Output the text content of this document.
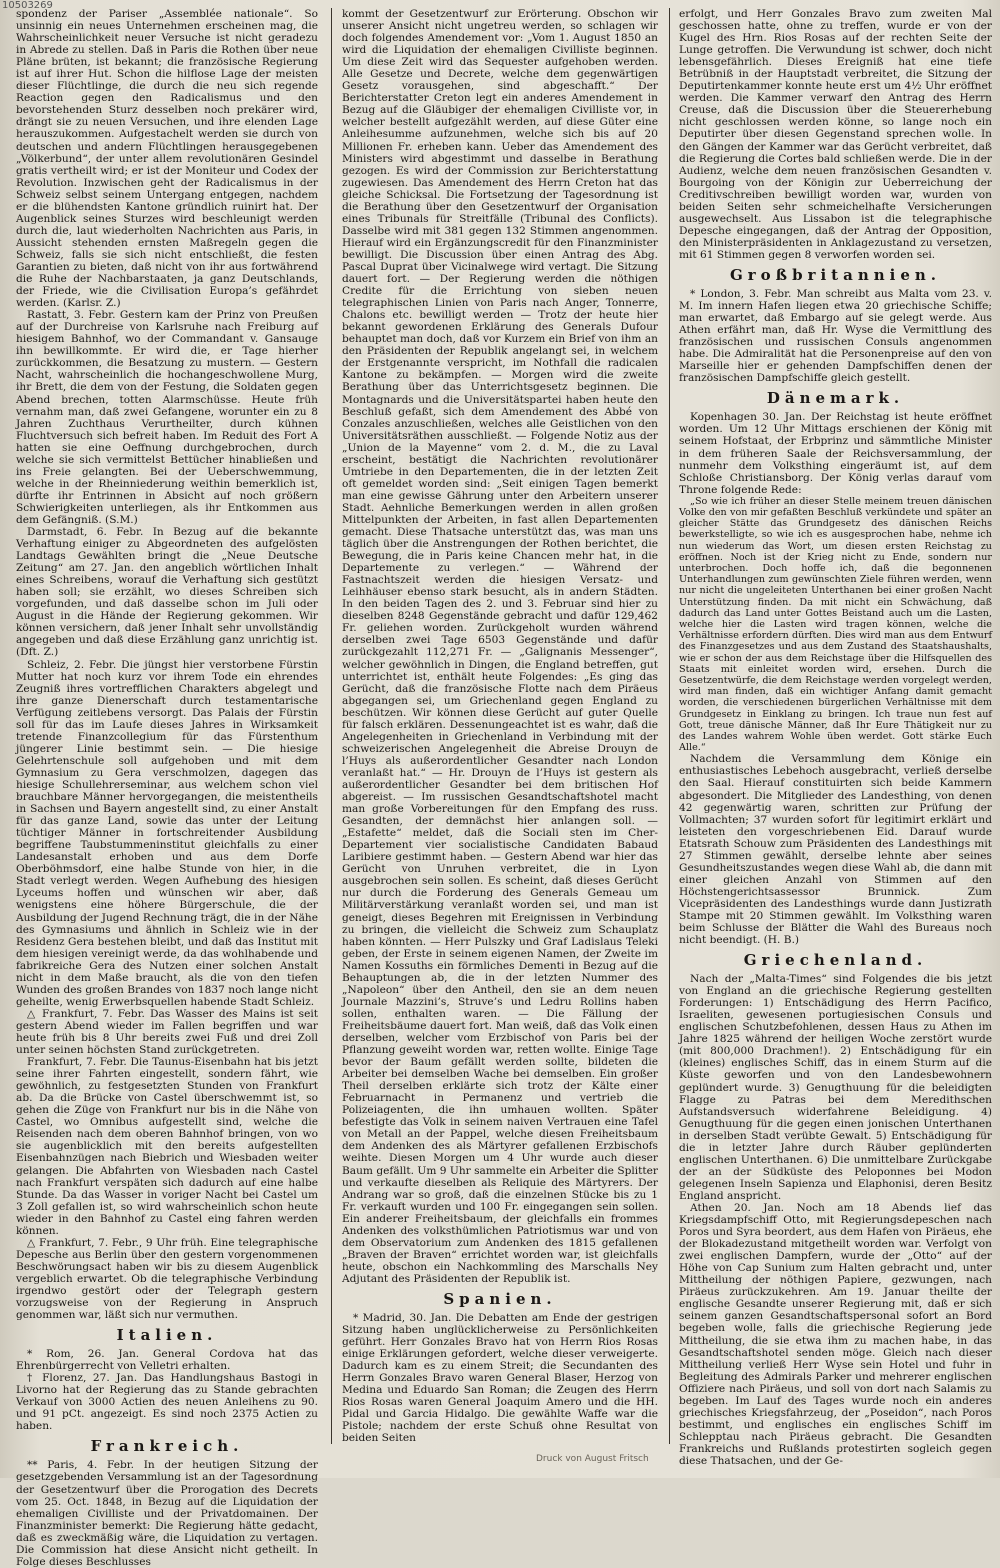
10503269

spondenz der Pariser „Assemblée nationale“. So unsinnig ein neues Unternehmen erscheinen mag, die Wahrscheinlichkeit neuer Versuche ist nicht geradezu in Abrede zu stellen. Daß in Paris die Rothen über neue Pläne brüten, ist bekannt; die französische Regierung ist auf ihrer Hut. Schon die hilflose Lage der meisten dieser Flüchtlinge, die durch die neu sich regende Reaction gegen den Radicalismus und den bevorstehenden Sturz desselben noch prekärer wird, drängt sie zu neuen Versuchen, und ihre elenden Lage herauszukommen. Aufgestachelt werden sie durch von deutschen und andern Flüchtlingen herausgegebenen „Völkerbund“, der unter allem revolutionären Gesindel gratis vertheilt wird; er ist der Moniteur und Codex der Revolution. Inzwischen geht der Radicalismus in der Schweiz selbst seinem Untergang entgegen, nachdem er die blühendsten Kantone gründlich ruinirt hat. Der Augenblick seines Sturzes wird beschleunigt werden durch die, laut wiederholten Nachrichten aus Paris, in Aussicht stehenden ernsten Maßregeln gegen die Schweiz, falls sie sich nicht entschließt, die festen Garantien zu bieten, daß nicht von ihr aus fortwährend die Ruhe der Nachbarstaaten, ja ganz Deutschlands, der Friede, wie die Civilisation Europa’s gefährdet werden. (Karlsr. Z.)

Rastatt, 3. Febr. Gestern kam der Prinz von Preußen auf der Durchreise von Karlsruhe nach Freiburg auf hiesigem Bahnhof, wo der Commandant v. Gansauge ihn bewillkommte. Er wird die, er Tage hierher zurückkommen, die Besatzung zu mustern. — Gestern Nacht, wahrscheinlich die hochangeschwollene Murg, ihr Brett, die dem von der Festung, die Soldaten gegen Abend brechen, totten Alarmschüsse. Heute früh vernahm man, daß zwei Gefangene, worunter ein zu 8 Jahren Zuchthaus Verurtheilter, durch kühnen Fluchtversuch sich befreit haben. Im Reduit des Fort A hatten sie eine Oeffnung durchgebrochen, durch welche sie sich vermittelst Bettücher hinabließen und ins Freie gelangten. Bei der Ueberschwemmung, welche in der Rheinniederung weithin bemerklich ist, dürfte ihr Entrinnen in Absicht auf noch größern Schwierigkeiten unterliegen, als ihr Entkommen aus dem Gefängniß. (S.M.)

Darmstadt, 6. Febr. In Bezug auf die bekannte Verhaftung einiger zu Abgeordneten des aufgelösten Landtags Gewählten bringt die „Neue Deutsche Zeitung“ am 27. Jan. den angeblich wörtlichen Inhalt eines Schreibens, worauf die Verhaftung sich gestützt haben soll; sie erzählt, wo dieses Schreiben sich vorgefunden, und daß dasselbe schon im Juli oder August in die Hände der Regierung gekommen. Wir können versichern, daß jener Inhalt sehr unvollständig angegeben und daß diese Erzählung ganz unrichtig ist. (Dft. Z.)

Schleiz, 2. Febr. Die jüngst hier verstorbene Fürstin Mutter hat noch kurz vor ihrem Tode ein ehrendes Zeugniß ihres vortrefflichen Charakters abgelegt und ihre ganze Dienerschaft durch testamentarische Verfügung zeitlebens versorgt. Das Palais der Fürstin soll für das im Laufe dieses Jahres in Wirksamkeit tretende Finanzcollegium für das Fürstenthum jüngerer Linie bestimmt sein. — Die hiesige Gelehrtenschule soll aufgehoben und mit dem Gymnasium zu Gera verschmolzen, dagegen das hiesige Schullehrerseminar, aus welchem schon viel brauchbare Männer hervorgegangen, die meistentheils in Sachsen und Bayern angestellt sind, zu einer Anstalt für das ganze Land, sowie das unter der Leitung tüchtiger Männer in fortschreitender Ausbildung begriffene Taubstummeninstitut gleichfalls zu einer Landesanstalt erhoben und aus dem Dorfe Oberböhmsdorf, eine halbe Stunde von hier, in die Stadt verlegt werden. Wegen Aufhebung des hiesigen Lyceums hoffen und wünschen wir aber, daß wenigstens eine höhere Bürgerschule, die der Ausbildung der Jugend Rechnung trägt, die in der Nähe des Gymnasiums und ähnlich in Schleiz wie in der Residenz Gera bestehen bleibt, und daß das Institut mit dem hiesigen vereinigt werde, da das wohlhabende und fabrikreiche Gera des Nutzen einer solchen Anstalt nicht in dem Maße braucht, als die von den tiefen Wunden des großen Brandes von 1837 noch lange nicht geheilte, wenig Erwerbsquellen habende Stadt Schleiz.

△ Frankfurt, 7. Febr. Das Wasser des Mains ist seit gestern Abend wieder im Fallen begriffen und war heute früh bis 8 Uhr bereits zwei Fuß und drei Zoll unter seinen höchsten Stand zurückgetreten.

Frankfurt, 7. Febr. Die Taunus-Eisenbahn hat bis jetzt seine ihrer Fahrten eingestellt, sondern fährt, wie gewöhnlich, zu festgesetzten Stunden von Frankfurt ab. Da die Brücke von Castel überschwemmt ist, so gehen die Züge von Frankfurt nur bis in die Nähe von Castel, wo Omnibus aufgestellt sind, welche die Reisenden nach dem oberen Bahnhof bringen, von wo sie augenblicklich mit den bereits aufgestellten Eisenbahnzügen nach Biebrich und Wiesbaden weiter gelangen. Die Abfahrten von Wiesbaden nach Castel nach Frankfurt verspäten sich dadurch auf eine halbe Stunde. Da das Wasser in voriger Nacht bei Castel um 3 Zoll gefallen ist, so wird wahrscheinlich schon heute wieder in den Bahnhof zu Castel eing fahren werden können.

△ Frankfurt, 7. Febr., 9 Uhr früh. Eine telegraphische Depesche aus Berlin über den gestern vorgenommenen Beschwörungsact haben wir bis zu diesem Augenblick vergeblich erwartet. Ob die telegraphische Verbindung irgendwo gestört oder der Telegraph gestern vorzugsweise von der Regierung in Anspruch genommen war, läßt sich nur vermuthen.

Italien.

* Rom, 26. Jan. General Cordova hat das Ehrenbürgerrecht von Velletri erhalten.

† Florenz, 27. Jan. Das Handlungshaus Bastogi in Livorno hat der Regierung das zu Stande gebrachten Verkauf von 3000 Actien des neuen Anleihens zu 90. und 91 pCt. angezeigt. Es sind noch 2375 Actien zu haben.

Frankreich.

** Paris, 4. Febr. In der heutigen Sitzung der gesetzgebenden Versammlung ist an der Tagesordnung der Gesetzentwurf über die Prorogation des Decrets vom 25. Oct. 1848, in Bezug auf die Liquidation der ehemaligen Civilliste und der Privatdomainen. Der Finanzminister bemerkt: Die Regierung hätte gedacht, daß es zweckmäßig wäre, die Liquidation zu vertagen. Die Commission hat diese Ansicht nicht getheilt. In Folge dieses Beschlusses

kommt der Gesetzentwurf zur Erörterung. Obschon wir unserer Ansicht nicht ungetreu werden, so schlagen wir doch folgendes Amendement vor: „Vom 1. August 1850 an wird die Liquidation der ehemaligen Civilliste beginnen. Um diese Zeit wird das Sequester aufgehoben werden. Alle Gesetze und Decrete, welche dem gegenwärtigen Gesetz vorausgehen, sind abgeschafft.“ Der Berichterstatter Creton legt ein anderes Amendement in Bezug auf die Gläubiger der ehemaligen Civilliste vor, in welcher bestellt aufgezählt werden, auf diese Güter eine Anleihesumme aufzunehmen, welche sich bis auf 20 Millionen Fr. erheben kann. Ueber das Amendement des Ministers wird abgestimmt und dasselbe in Berathung gezogen. Es wird der Commission zur Berichterstattung zugewiesen. Das Amendement des Herrn Creton hat das gleiche Schicksal. Die Fortsetzung der Tagesordnung ist die Berathung über den Gesetzentwurf der Organisation eines Tribunals für Streitfälle (Tribunal des Conflicts). Dasselbe wird mit 381 gegen 132 Stimmen angenommen. Hierauf wird ein Ergänzungscredit für den Finanzminister bewilligt. Die Discussion über einen Antrag des Abg. Pascal Duprat über Vicinalwege wird vertagt. Die Sitzung dauert fort. — Der Regierung werden die nöthigen Credite für die Errichtung von sieben neuen telegraphischen Linien von Paris nach Anger, Tonnerre, Chalons etc. bewilligt werden — Trotz der heute hier bekannt gewordenen Erklärung des Generals Dufour behauptet man doch, daß vor Kurzem ein Brief von ihm an den Präsidenten der Republik angelangt sei, in welchem der Erstgenannte verspricht, im Nothfall die radicalen Kantone zu bekämpfen. — Morgen wird die zweite Berathung über das Unterrichtsgesetz beginnen. Die Montagnards und die Universitätspartei haben heute den Beschluß gefaßt, sich dem Amendement des Abbé von Conzales anzuschließen, welches alle Geistlichen von den Universitätsräthen ausschließt. — Folgende Notiz aus der „Union de la Mayenne“ vom 2. d. M., die zu Laval erscheint, bestätigt die Nachrichten revolutionärer Umtriebe in den Departementen, die in der letzten Zeit oft gemeldet worden sind: „Seit einigen Tagen bemerkt man eine gewisse Gährung unter den Arbeitern unserer Stadt. Aehnliche Bemerkungen werden in allen großen Mittelpunkten der Arbeiten, in fast allen Departementen gemacht. Diese Thatsache unterstützt das, was man uns täglich über die Anstrengungen der Rothen berichtet, die Bewegung, die in Paris keine Chancen mehr hat, in die Departemente zu verlegen.“ — Während der Fastnachtszeit werden die hiesigen Versatz- und Leihhäuser ebenso stark besucht, als in andern Städten. In den beiden Tagen des 2. und 3. Februar sind hier zu dieselben 8248 Gegenstände gebracht und dafür 129,462 Fr. geliehen worden. Zurückgeholt wurden während derselben zwei Tage 6503 Gegenstände und dafür zurückgezahlt 112,271 Fr. — „Galignanis Messenger“, welcher gewöhnlich in Dingen, die England betreffen, gut unterrichtet ist, enthält heute Folgendes: „Es ging das Gerücht, daß die französische Flotte nach dem Piräeus abgegangen sei, um Griechenland gegen England zu beschützen. Wir können diese Gerücht auf guter Quelle für falsch erklären. Dessenungeachtet ist es wahr, daß die Angelegenheiten in Griechenland in Verbindung mit der schweizerischen Angelegenheit die Abreise Drouyn de l’Huys als außerordentlicher Gesandter nach London veranlaßt hat.“ — Hr. Drouyn de l’Huys ist gestern als außerordentlicher Gesandter bei dem britischen Hof abgereist. — Im russischen Gesandtschaftshotel macht man große Vorbereitungen für den Empfang des russ. Gesandten, der demnächst hier anlangen soll. — „Estafette“ meldet, daß die Sociali sten im Cher-Departement vier socialistische Candidaten Babaud Laribiere gestimmt haben. — Gestern Abend war hier das Gerücht von Unruhen verbreitet, die in Lyon ausgebrochen sein sollen. Es scheint, daß dieses Gerücht nur durch die Forderung des Generals Gemeau um Militärverstärkung veranlaßt worden sei, und man ist geneigt, dieses Begehren mit Ereignissen in Verbindung zu bringen, die vielleicht die Schweiz zum Schauplatz haben könnten. — Herr Pulszky und Graf Ladislaus Teleki geben, der Erste in seinem eigenen Namen, der Zweite im Namen Kossuths ein förmliches Dementi in Bezug auf die Behauptungen ab, die in der letzten Nummer des „Napoleon“ über den Antheil, den sie an dem neuen Journale Mazzini’s, Struve’s und Ledru Rollins haben sollen, enthalten waren. — Die Fällung der Freiheitsbäume dauert fort. Man weiß, daß das Volk einen derselben, welcher vom Erzbischof von Paris bei der Pflanzung geweiht worden war, retten wollte. Einige Tage bevor der Baum gefällt werden sollte, bildeten die Arbeiter bei demselben Wache bei demselben. Ein großer Theil derselben erklärte sich trotz der Kälte einer Februarnacht in Permanenz und vertrieb die Polizeiagenten, die ihn umhauen wollten. Später befestigte das Volk in seinem naiven Vertrauen eine Tafel von Metall an der Pappel, welche diesen Freiheitsbaum dem Andenken des als Märtyrer gefallenen Erzbischofs weihte. Diesen Morgen um 4 Uhr wurde auch dieser Baum gefällt. Um 9 Uhr sammelte ein Arbeiter die Splitter und verkaufte dieselben als Reliquie des Märtyrers. Der Andrang war so groß, daß die einzelnen Stücke bis zu 1 Fr. verkauft wurden und 100 Fr. eingegangen sein sollen. Ein anderer Freiheitsbaum, der gleichfalls ein frommes Andenken des volksthümlichen Patriotismus war und von dem Observatorium zum Andenken des 1815 gefallenen „Braven der Braven“ errichtet worden war, ist gleichfalls heute, obschon ein Nachkommling des Marschalls Ney Adjutant des Präsidenten der Republik ist.

Spanien.

* Madrid, 30. Jan. Die Debatten am Ende der gestrigen Sitzung haben unglücklicherweise zu Persönlichkeiten geführt. Herr Gonzales Bravo hat von Herrn Rios Rosas einige Erklärungen gefordert, welche dieser verweigerte. Dadurch kam es zu einem Streit; die Secundanten des Herrn Gonzales Bravo waren General Blaser, Herzog von Medina und Eduardo San Roman; die Zeugen des Herrn Rios Rosas waren General Joaquim Amero und die HH. Pidal und Garcia Hidalgo. Die gewählte Waffe war die Pistole; nachdem der erste Schuß ohne Resultat von beiden Seiten

erfolgt, und Herr Gonzales Bravo zum zweiten Mal geschossen hatte, ohne zu treffen, wurde er von der Kugel des Hrn. Rios Rosas auf der rechten Seite der Lunge getroffen. Die Verwundung ist schwer, doch nicht lebensgefährlich. Dieses Ereigniß hat eine tiefe Betrübniß in der Hauptstadt verbreitet, die Sitzung der Deputirtenkammer konnte heute erst um 4½ Uhr eröffnet werden. Die Kammer verwarf den Antrag des Herrn Creuse, daß die Discussion über die Steuererhebung nicht geschlossen werden könne, so lange noch ein Deputirter über diesen Gegenstand sprechen wolle. In den Gängen der Kammer war das Gerücht verbreitet, daß die Regierung die Cortes bald schließen werde. Die in der Audienz, welche dem neuen französischen Gesandten v. Bourgoing von der Königin zur Ueberreichung der Creditivschreiben bewilligt worden war, wurden von beiden Seiten sehr schmeichelhafte Versicherungen ausgewechselt. Aus Lissabon ist die telegraphische Depesche eingegangen, daß der Antrag der Opposition, den Ministerpräsidenten in Anklagezustand zu versetzen, mit 61 Stimmen gegen 8 verworfen worden sei.

Großbritannien.

* London, 3. Febr. Man schreibt aus Malta vom 23. v. M. Im innern Hafen liegen etwa 20 griechische Schiffe; man erwartet, daß Embargo auf sie gelegt werde. Aus Athen erfährt man, daß Hr. Wyse die Vermittlung des französischen und russischen Consuls angenommen habe. Die Admiralität hat die Personenpreise auf den von Marseille hier er gehenden Dampfschiffen denen der französischen Dampfschiffe gleich gestellt.

Dänemark.

Kopenhagen 30. Jan. Der Reichstag ist heute eröffnet worden. Um 12 Uhr Mittags erschienen der König mit seinem Hofstaat, der Erbprinz und sämmtliche Minister in dem früheren Saale der Reichsversammlung, der nunmehr dem Volksthing eingeräumt ist, auf dem Schloße Christiansborg. Der König verlas darauf vom Throne folgende Rede:

„So wie ich früher an dieser Stelle meinem treuen dänischen Volke den von mir gefaßten Beschluß verkündete und später an gleicher Stätte das Grundgesetz des dänischen Reichs bewerkstelligte, so wie ich es ausgesprochen habe, nehme ich nun wiederum das Wort, um diesen ersten Reichstag zu eröffnen. Noch ist der Krieg nicht zu Ende, sondern nur unterbrochen. Doch hoffe ich, daß die begonnenen Unterhandlungen zum gewünschten Ziele führen werden, wenn nur nicht die ungeleiteten Unterthanen bei einer großen Nacht Unterstützung finden. Da mit nicht ein Schwächung, daß dadurch das Land unter Gottes Beistand auch um die Lasten, welche hier die Lasten wird tragen können, welche die Verhältnisse erfordern dürften. Dies wird man aus dem Entwurf des Finanzgesetzes und aus dem Zustand des Staatshaushalts, wie er schon der aus dem Reichstage über die Hilfsquellen des Staats mit einleitet worden wird, ersehen. Durch die Gesetzentwürfe, die dem Reichstage werden vorgelegt werden, wird man finden, daß ein wichtiger Anfang damit gemacht worden, die verschiedenen bürgerlichen Verhältnisse mit dem Grundgesetz in Einklang zu bringen. Ich traue nun fest auf Gott, treue dänische Männer, daß Ihr Eure Thätigkeit nur zu des Landes wahrem Wohle üben werdet. Gott stärke Euch Alle.“

Nachdem die Versammlung dem Könige ein enthusiastisches Lebehoch ausgebracht, verließ derselbe den Saal. Hierauf constituirten sich beide Kammern abgesondert. Die Mitglieder des Landesthing, von denen 42 gegenwärtig waren, schritten zur Prüfung der Vollmachten; 37 wurden sofort für legitimirt erklärt und leisteten den vorgeschriebenen Eid. Darauf wurde Etatsrath Schouw zum Präsidenten des Landesthings mit 27 Stimmen gewählt, derselbe lehnte aber seines Gesundheitszustandes wegen diese Wahl ab, die dann mit einer gleichen Anzahl von Stimmen auf den Höchstengerichtsassessor Brunnick. Zum Vicepräsidenten des Landesthings wurde dann Justizrath Stampe mit 20 Stimmen gewählt. Im Volksthing waren beim Schlusse der Blätter die Wahl des Bureaus noch nicht beendigt. (H. B.)

Griechenland.

Nach der „Malta-Times“ sind Folgendes die bis jetzt von England an die griechische Regierung gestellten Forderungen: 1) Entschädigung des Herrn Pacifico, Israeliten, gewesenen portugiesischen Consuls und englischen Schutzbefohlenen, dessen Haus zu Athen im Jahre 1825 während der heiligen Woche zerstört wurde (mit 800,000 Drachmen!). 2) Entschädigung für ein (kleines) englisches Schiff, das in einem Sturm auf die Küste geworfen und von den Landesbewohnern geplündert wurde. 3) Genugthuung für die beleidigten Flagge zu Patras bei dem Meredithschen Aufstandsversuch widerfahrene Beleidigung. 4) Genugthuung für die gegen einen jonischen Unterthanen in derselben Stadt verübte Gewalt. 5) Entschädigung für die in letzter Jahre durch Räuber geplünderten englischen Unterthanen. 6) Die unmittelbare Zurückgabe der an der Südküste des Peloponnes bei Modon gelegenen Inseln Sapienza und Elaphonisi, deren Besitz England anspricht.

Athen 20. Jan. Noch am 18 Abends lief das Kriegsdampfschiff Otto, mit Regierungsdepeschen nach Poros und Syra beordert, aus dem Hafen von Piräeus, ehe der Blokadezustand mitgetheilt worden war. Verfolgt von zwei englischen Dampfern, wurde der „Otto“ auf der Höhe von Cap Sunium zum Halten gebracht und, unter Mittheilung der nöthigen Papiere, gezwungen, nach Piräeus zurückzukehren. Am 19. Januar theilte der englische Gesandte unserer Regierung mit, daß er sich seinem ganzen Gesandtschaftspersonal sofort an Bord begeben wolle, falls die griechische Regierung jede Mittheilung, die sie etwa ihm zu machen habe, in das Gesandtschaftshotel senden möge. Gleich nach dieser Mittheilung verließ Herr Wyse sein Hotel und fuhr in Begleitung des Admirals Parker und mehrerer englischen Offiziere nach Piräeus, und soll von dort nach Salamis zu begeben. Im Lauf des Tages wurde noch ein anderes griechisches Kriegsfahrzeug, der „Poseidon“, nach Poros bestimmt, und englisches ein englisches Schiff im Schlepptau nach Piräeus gebracht. Die Gesandten Frankreichs und Rußlands protestirten sogleich gegen diese Thatsachen, und der Ge-

Druck von August Fritsch
